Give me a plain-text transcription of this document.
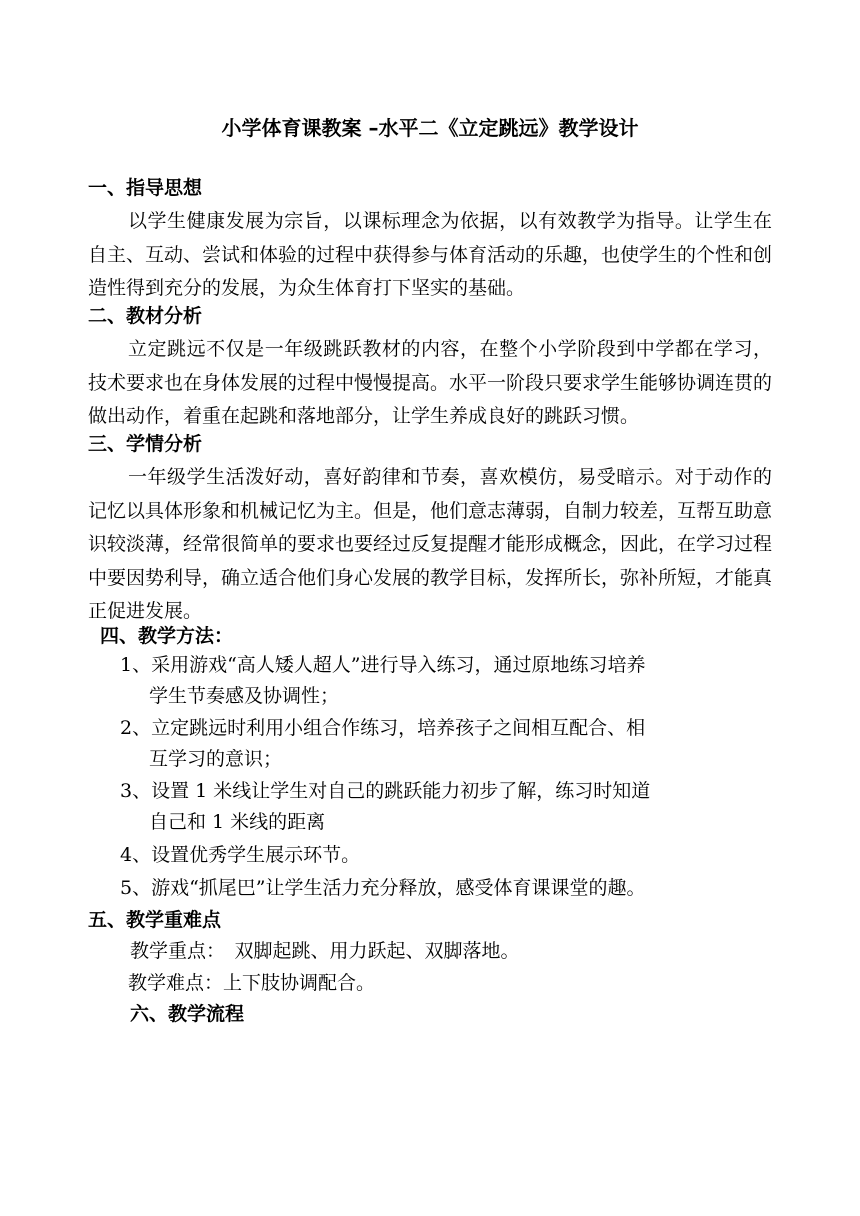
小学体育课教案 –水平二《立定跳远》教学设计
一、指导思想
以学生健康发展为宗旨，以课标理念为依据，以有效教学为指导。让学生在自主、互动、尝试和体验的过程中获得参与体育活动的乐趣，也使学生的个性和创造性得到充分的发展，为众生体育打下坚实的基础。
二、教材分析
立定跳远不仅是一年级跳跃教材的内容，在整个小学阶段到中学都在学习，技术要求也在身体发展的过程中慢慢提高。水平一阶段只要求学生能够协调连贯的做出动作，着重在起跳和落地部分，让学生养成良好的跳跃习惯。
三、学情分析
一年级学生活泼好动，喜好韵律和节奏，喜欢模仿，易受暗示。对于动作的记忆以具体形象和机械记忆为主。但是，他们意志薄弱，自制力较差，互帮互助意识较淡薄，经常很简单的要求也要经过反复提醒才能形成概念，因此，在学习过程中要因势利导，确立适合他们身心发展的教学目标，发挥所长，弥补所短，才能真正促进发展。
四、教学方法：
1、采用游戏“高人矮人超人”进行导入练习，通过原地练习培养
学生节奏感及协调性；
2、立定跳远时利用小组合作练习，培养孩子之间相互配合、相
互学习的意识；
3、设置 1 米线让学生对自己的跳跃能力初步了解，练习时知道
自己和 1 米线的距离
4、设置优秀学生展示环节。
5、游戏“抓尾巴”让学生活力充分释放，感受体育课课堂的趣。
五、教学重难点
教学重点：　双脚起跳、用力跃起、双脚落地。
教学难点：上下肢协调配合。
六、教学流程
